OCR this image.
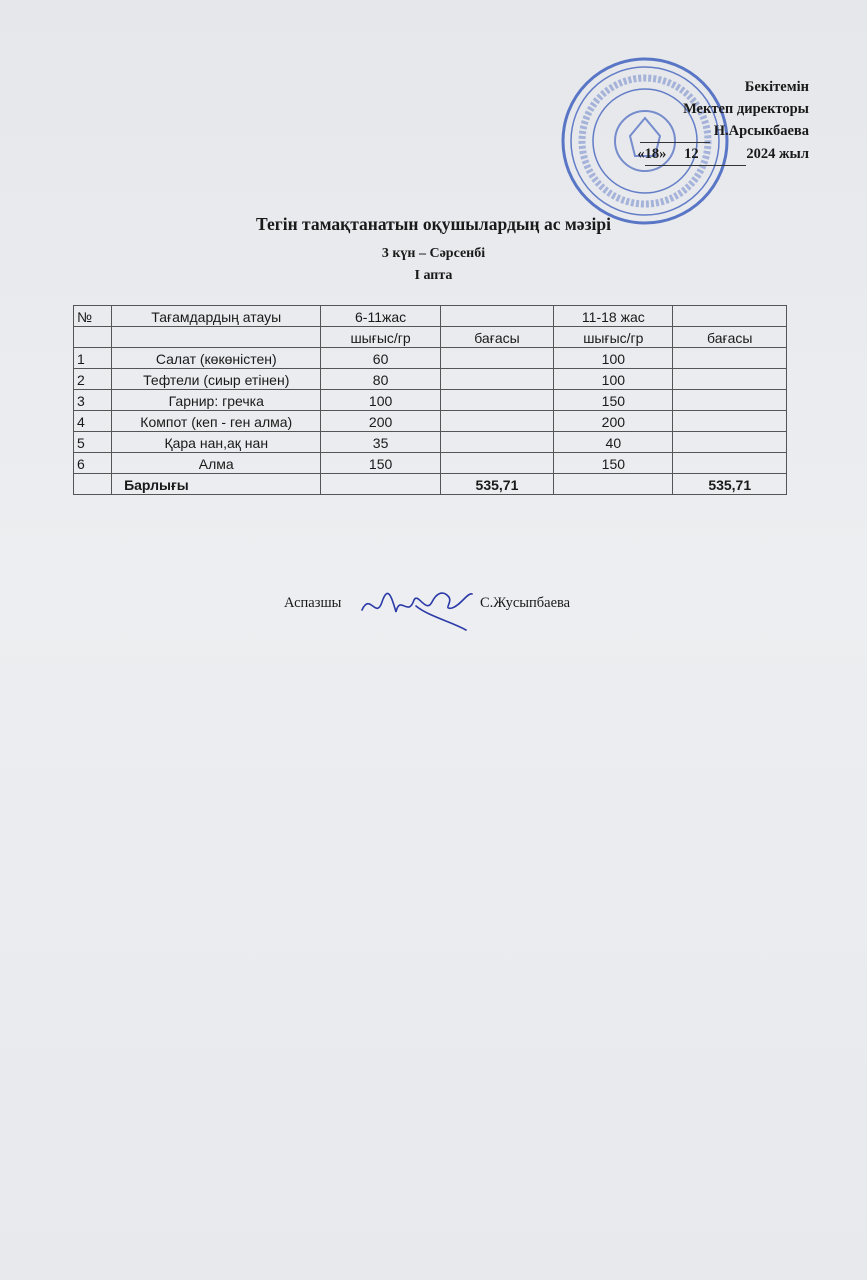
Бекітемін
Мектеп директоры
Н.Арсыкбаева
«18» 12	2024 жыл
Тегін тамақтанатын оқушылардың ас мәзірі
3 күн – Сәрсенбі
І апта
№	Тағамдардың атауы	6-11жас		11-18 жас	
		шығыс/гр	бағасы	шығыс/гр	бағасы
1	Салат (көкөністен)	60		100	
2	Тефтели (сиыр етінен)	80		100	
3	Гарнир: гречка	100		150	
4	Компот (кеп - ген алма)	200		200	
5	Қара нан,ақ нан	35		40	
6	Алма	150		150	
	Барлығы		535,71		535,71
Аспазшы	С.Жусыпбаева
